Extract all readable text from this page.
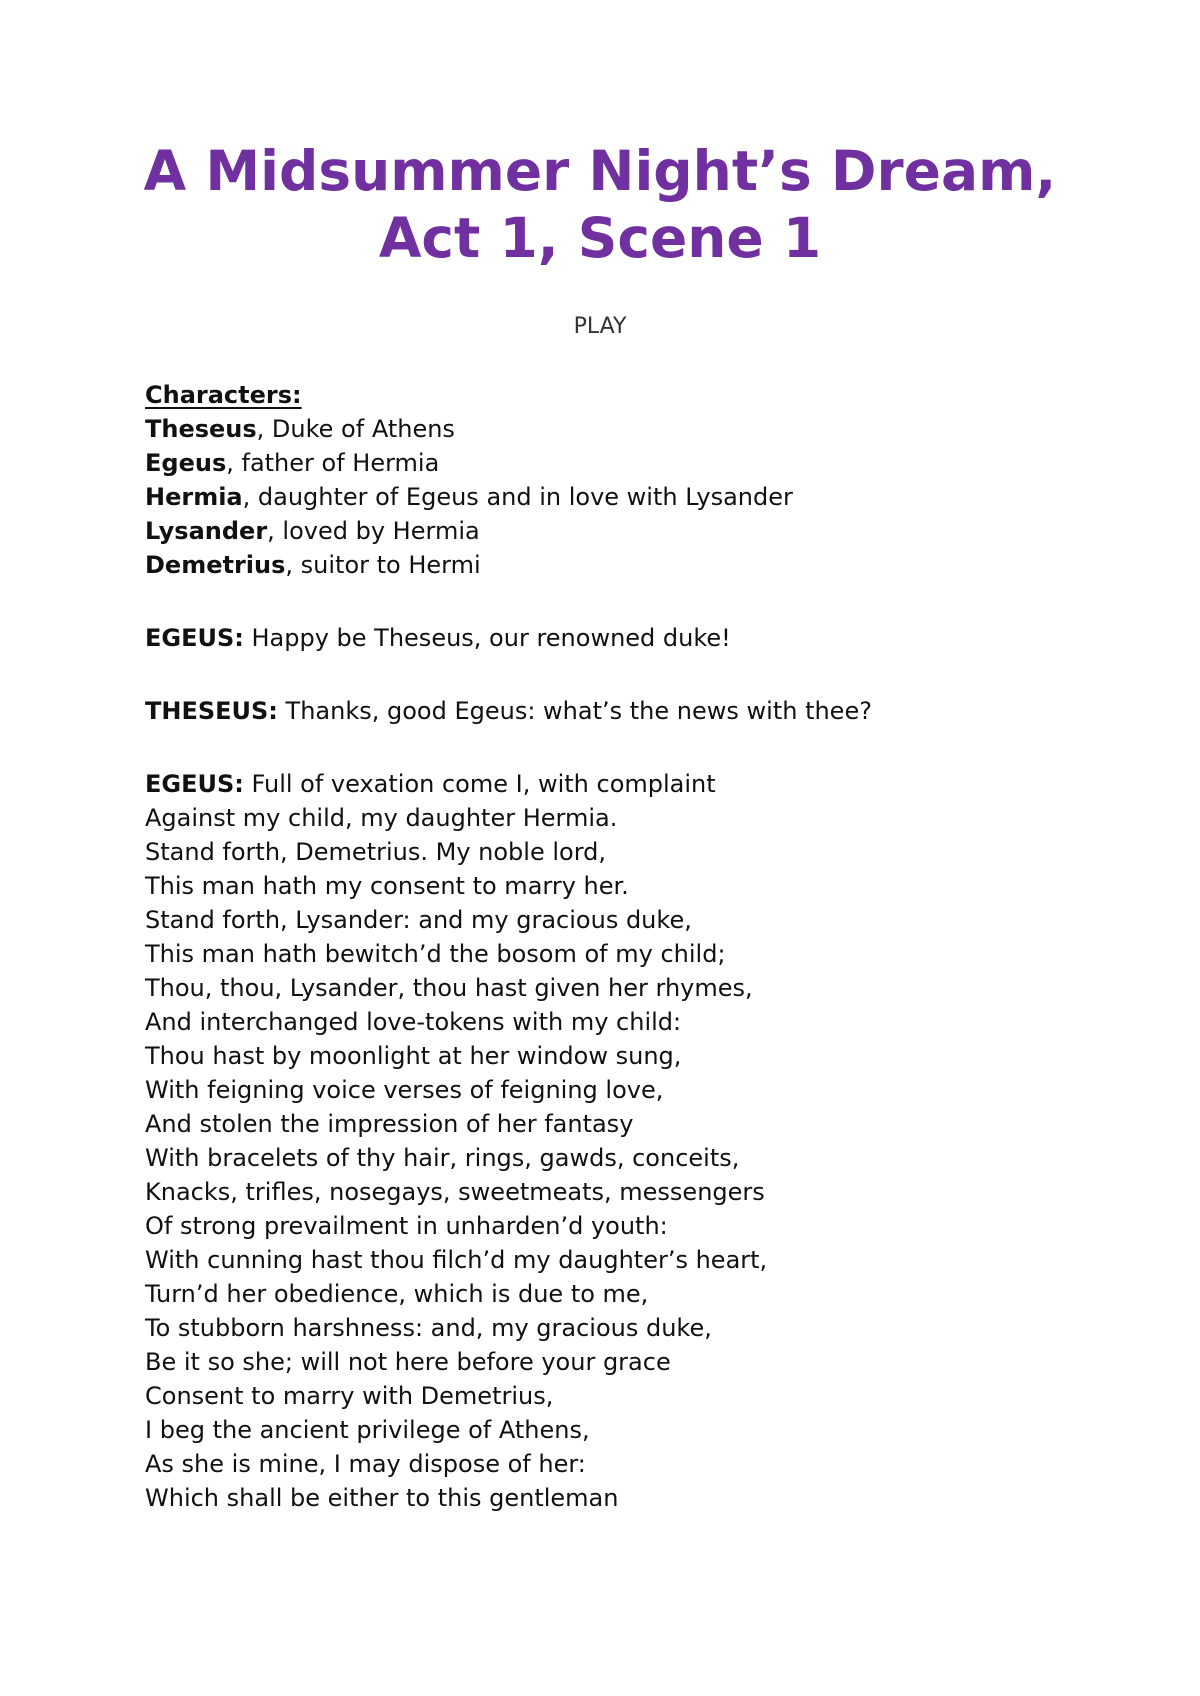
A Midsummer Night’s Dream,
Act 1, Scene 1
PLAY
Characters:
Theseus, Duke of Athens
Egeus, father of Hermia
Hermia, daughter of Egeus and in love with Lysander
Lysander, loved by Hermia
Demetrius, suitor to Hermi
EGEUS: Happy be Theseus, our renowned duke!
THESEUS: Thanks, good Egeus: what’s the news with thee?
EGEUS: Full of vexation come I, with complaint
Against my child, my daughter Hermia.
Stand forth, Demetrius. My noble lord,
This man hath my consent to marry her.
Stand forth, Lysander: and my gracious duke,
This man hath bewitch’d the bosom of my child;
Thou, thou, Lysander, thou hast given her rhymes,
And interchanged love-tokens with my child:
Thou hast by moonlight at her window sung,
With feigning voice verses of feigning love,
And stolen the impression of her fantasy
With bracelets of thy hair, rings, gawds, conceits,
Knacks, trifles, nosegays, sweetmeats, messengers
Of strong prevailment in unharden’d youth:
With cunning hast thou filch’d my daughter’s heart,
Turn’d her obedience, which is due to me,
To stubborn harshness: and, my gracious duke,
Be it so she; will not here before your grace
Consent to marry with Demetrius,
I beg the ancient privilege of Athens,
As she is mine, I may dispose of her:
Which shall be either to this gentleman
